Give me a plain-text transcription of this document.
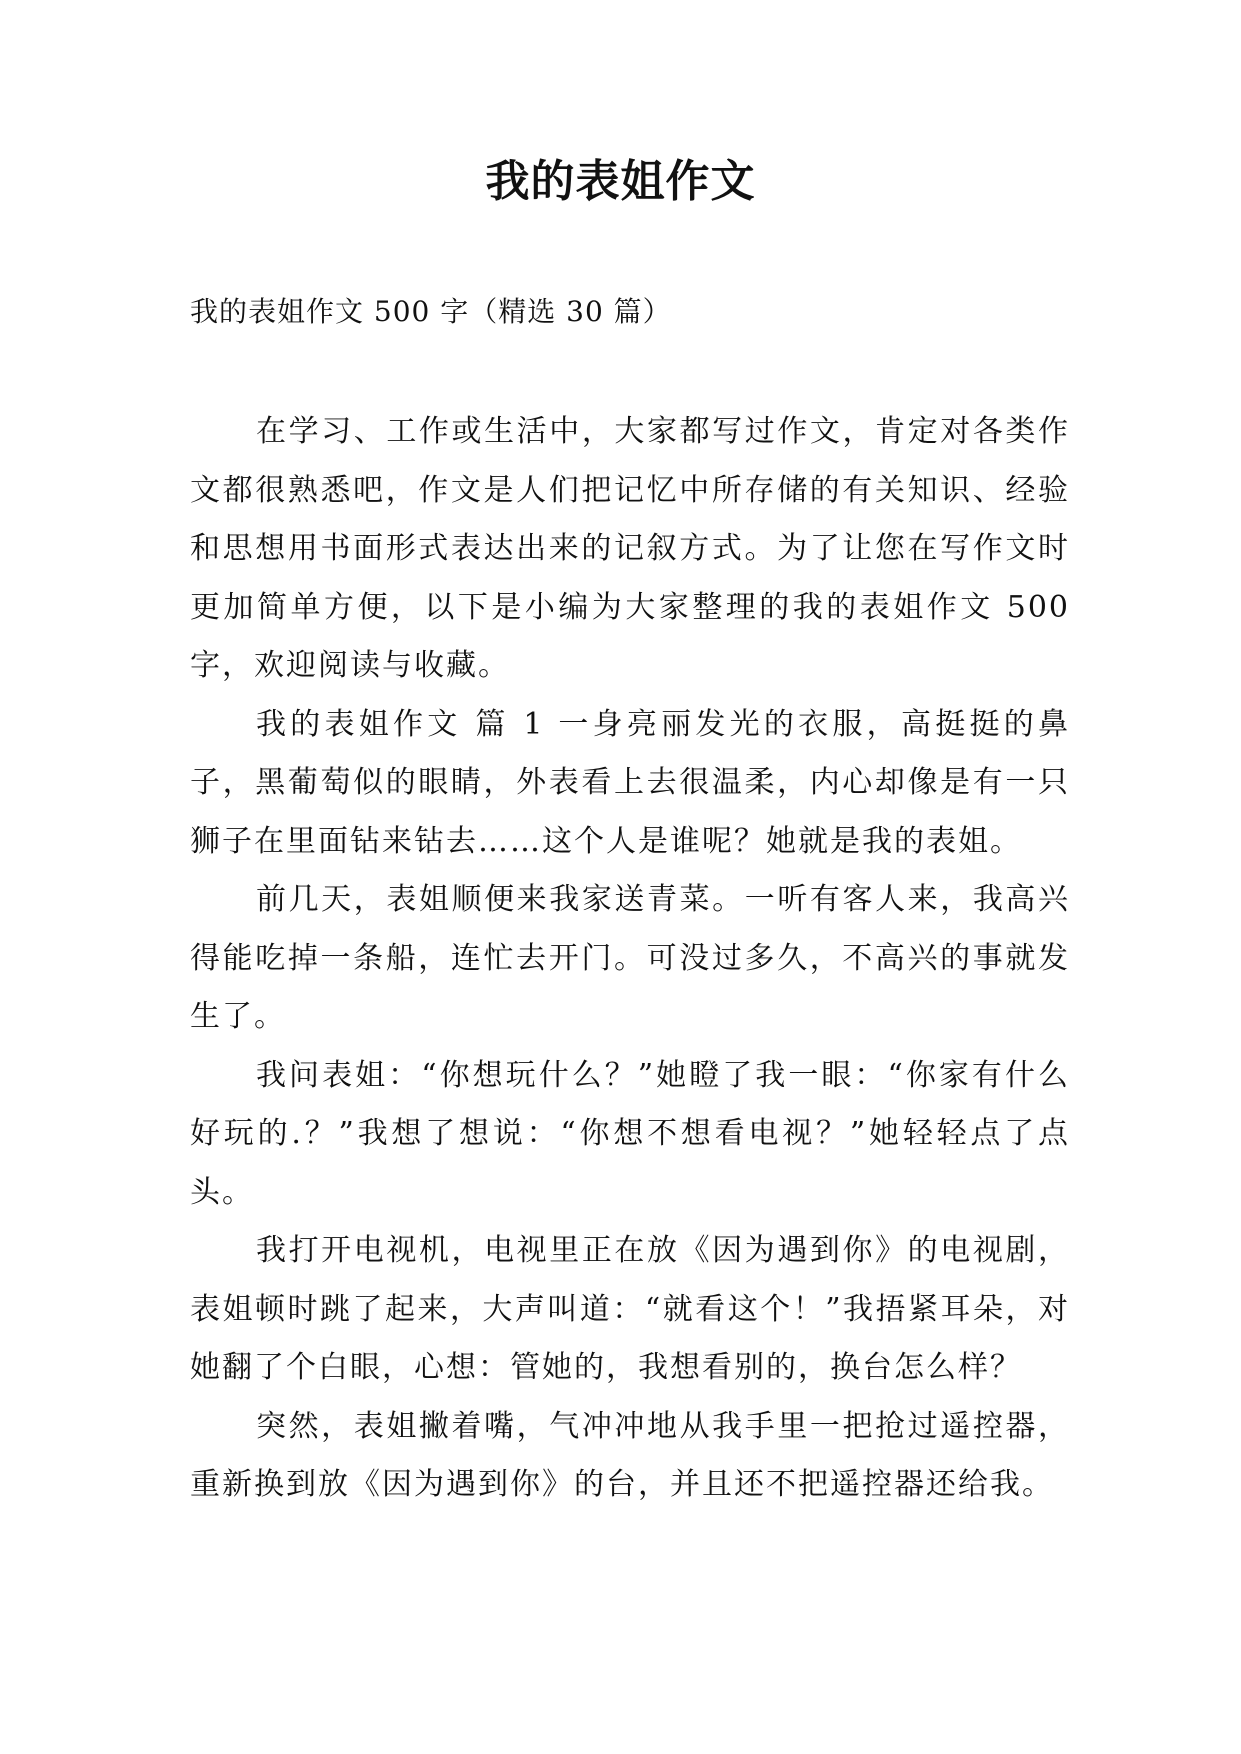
我的表姐作文

我的表姐作文 500 字（精选 30 篇）

在学习、工作或生活中，大家都写过作文，肯定对各类作文都很熟悉吧，作文是人们把记忆中所存储的有关知识、经验和思想用书面形式表达出来的记叙方式。为了让您在写作文时更加简单方便，以下是小编为大家整理的我的表姐作文 500 字，欢迎阅读与收藏。

我的表姐作文 篇 1 一身亮丽发光的衣服，高挺挺的鼻子，黑葡萄似的眼睛，外表看上去很温柔，内心却像是有一只狮子在里面钻来钻去……这个人是谁呢？她就是我的表姐。

前几天，表姐顺便来我家送青菜。一听有客人来，我高兴得能吃掉一条船，连忙去开门。可没过多久，不高兴的事就发生了。

我问表姐：“你想玩什么？”她瞪了我一眼：“你家有什么好玩的.？”我想了想说：“你想不想看电视？”她轻轻点了点头。

我打开电视机，电视里正在放《因为遇到你》的电视剧，表姐顿时跳了起来，大声叫道：“就看这个！”我捂紧耳朵，对她翻了个白眼，心想：管她的，我想看别的，换台怎么样？

突然，表姐撇着嘴，气冲冲地从我手里一把抢过遥控器，重新换到放《因为遇到你》的台，并且还不把遥控器还给我。
